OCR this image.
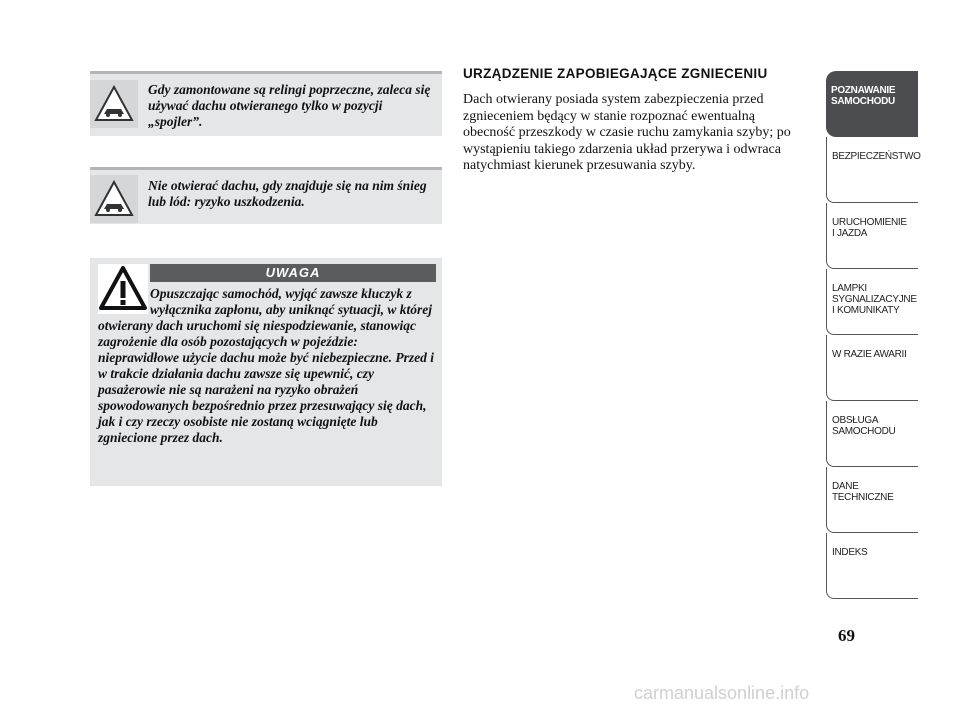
Gdy zamontowane są relingi poprzeczne, zaleca się używać dachu otwieranego tylko w pozycji „spojler”.
Nie otwierać dachu, gdy znajduje się na nim śnieg lub lód: ryzyko uszkodzenia.
UWAGA
Opuszczając samochód, wyjąć zawsze kluczyk z wyłącznika zapłonu, aby uniknąć sytuacji, w której otwierany dach uruchomi się niespodziewanie, stanowiąc zagrożenie dla osób pozostających w pojeździe: nieprawidłowe użycie dachu może być niebezpieczne. Przed i w trakcie działania dachu zawsze się upewnić, czy pasażerowie nie są narażeni na ryzyko obrażeń spowodowanych bezpośrednio przez przesuwający się dach, jak i czy rzeczy osobiste nie zostaną wciągnięte lub zgniecione przez dach.
URZĄDZENIE ZAPOBIEGAJĄCE ZGNIECENIU
Dach otwierany posiada system zabezpieczenia przed zgnieceniem będący w stanie rozpoznać ewentualną obecność przeszkody w czasie ruchu zamykania szyby; po wystąpieniu takiego zdarzenia układ przerywa i odwraca natychmiast kierunek przesuwania szyby.
POZNAWANIE
SAMOCHODU
BEZPIECZEŃSTWO
URUCHOMIENIE
I JAZDA
LAMPKI
SYGNALIZACYJNE
I KOMUNIKATY
W RAZIE AWARII
OBSŁUGA
SAMOCHODU
DANE
TECHNICZNE
INDEKS
69
carmanualsonline.info
